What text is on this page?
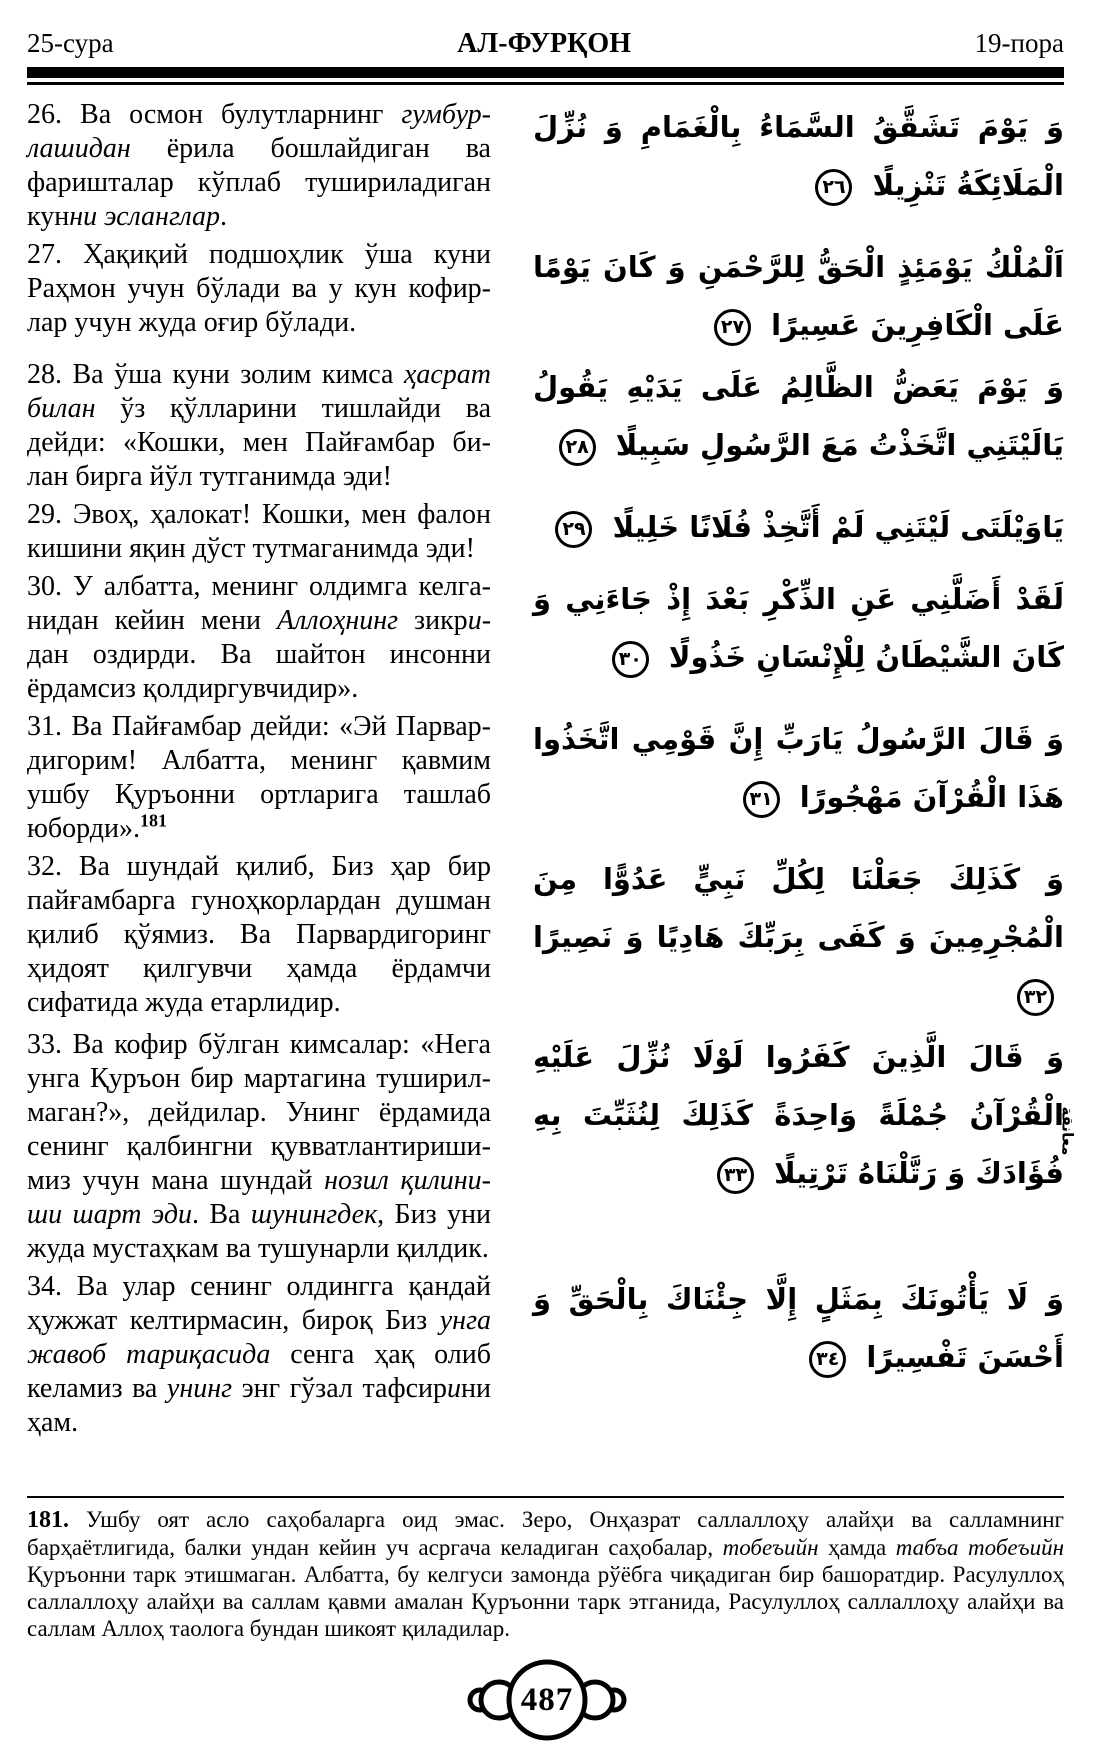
25-сура	АЛ-ФУРҚОН	19-пора
26. Ва осмон булутларнинг гумбур-лашидан ёрила бошлайдиган ва фаришталар кўплаб тушириладиган кунни эсланглар.
وَ يَوْمَ تَشَقَّقُ السَّمَاءُ بِالْغَمَامِ وَ نُزِّلَ الْمَلَائِكَةُ تَنْزِيلًا ٢٦
27. Ҳақиқий подшоҳлик ўша куни Раҳмон учун бўлади ва у кун кофир-лар учун жуда оғир бўлади.
اَلْمُلْكُ يَوْمَئِذٍ الْحَقُّ لِلرَّحْمَنِ وَ كَانَ يَوْمًا عَلَى الْكَافِرِينَ عَسِيرًا ٢٧
28. Ва ўша куни золим кимса ҳасрат билан ўз қўлларини тишлайди ва дейди: «Кошки, мен Пайғамбар би-лан бирга йўл тутганимда эди!
وَ يَوْمَ يَعَضُّ الظَّالِمُ عَلَى يَدَيْهِ يَقُولُ يَالَيْتَنِي اتَّخَذْتُ مَعَ الرَّسُولِ سَبِيلًا ٢٨
29. Эвоҳ, ҳалокат! Кошки, мен фалон кишини яқин дўст тутмаганимда эди!
يَاوَيْلَتَى لَيْتَنِي لَمْ أَتَّخِذْ فُلَانًا خَلِيلًا ٢٩
30. У албатта, менинг олдимга келга-нидан кейин мени Аллоҳнинг зикри-дан оздирди. Ва шайтон инсонни ёрдамсиз қолдиргувчидир».
لَقَدْ أَضَلَّنِي عَنِ الذِّكْرِ بَعْدَ إِذْ جَاءَنِي وَ كَانَ الشَّيْطَانُ لِلْإِنْسَانِ خَذُولًا ٣٠
31. Ва Пайғамбар дейди: «Эй Парвар-дигорим! Албатта, менинг қавмим ушбу Қуръонни ортларига ташлаб юборди».$^{181}$
وَ قَالَ الرَّسُولُ يَارَبِّ إِنَّ قَوْمِي اتَّخَذُوا هَذَا الْقُرْآنَ مَهْجُورًا ٣١
32. Ва шундай қилиб, Биз ҳар бир пайғамбарга гуноҳкорлардан душман қилиб қўямиз. Ва Парвардигоринг ҳидоят қилгувчи ҳамда ёрдамчи сифатида жуда етарлидир.
وَ كَذَلِكَ جَعَلْنَا لِكُلِّ نَبِيٍّ عَدُوًّا مِنَ الْمُجْرِمِينَ وَ كَفَى بِرَبِّكَ هَادِيًا وَ نَصِيرًا ٣٢
33. Ва кофир бўлган кимсалар: «Нега унга Қуръон бир мартагина туширил-маган?», дейдилар. Унинг ёрдамида сенинг қалбингни қувватлантириши-миз учун мана шундай нозил қилини-ши шарт эди. Ва шунингдек, Биз уни жуда мустаҳкам ва тушунарли қилдик.
وَ قَالَ الَّذِينَ كَفَرُوا لَوْلَا نُزِّلَ عَلَيْهِ الْقُرْآنُ جُمْلَةً وَاحِدَةً كَذَلِكَ لِنُثَبِّتَ بِهِ فُؤَادَكَ وَ رَتَّلْنَاهُ تَرْتِيلًا ٣٣
34. Ва улар сенинг олдингга қандай ҳужжат келтирмасин, бироқ Биз унга жавоб тариқасида сенга ҳақ олиб келамиз ва унинг энг гўзал тафсирини ҳам.
وَ لَا يَأْتُونَكَ بِمَثَلٍ إِلَّا جِئْنَاكَ بِالْحَقِّ وَ أَحْسَنَ تَفْسِيرًا ٣٤
معانقة
181. Ушбу оят асло саҳобаларга оид эмас. Зеро, Онҳазрат саллаллоҳу алайҳи ва салламнинг барҳаётлигида, балки ундан кейин уч асргача келадиган саҳобалар, тобеъийн ҳамда табъа тобеъийн Қуръонни тарк этишмаган. Албатта, бу келгуси замонда рўёбга чиқадиган бир башоратдир. Расулуллоҳ саллаллоҳу алайҳи ва саллам қавми амалан Қуръонни тарк этганида, Расулуллоҳ саллаллоҳу алайҳи ва саллам Аллоҳ таолога бундан шикоят қиладилар.
487
